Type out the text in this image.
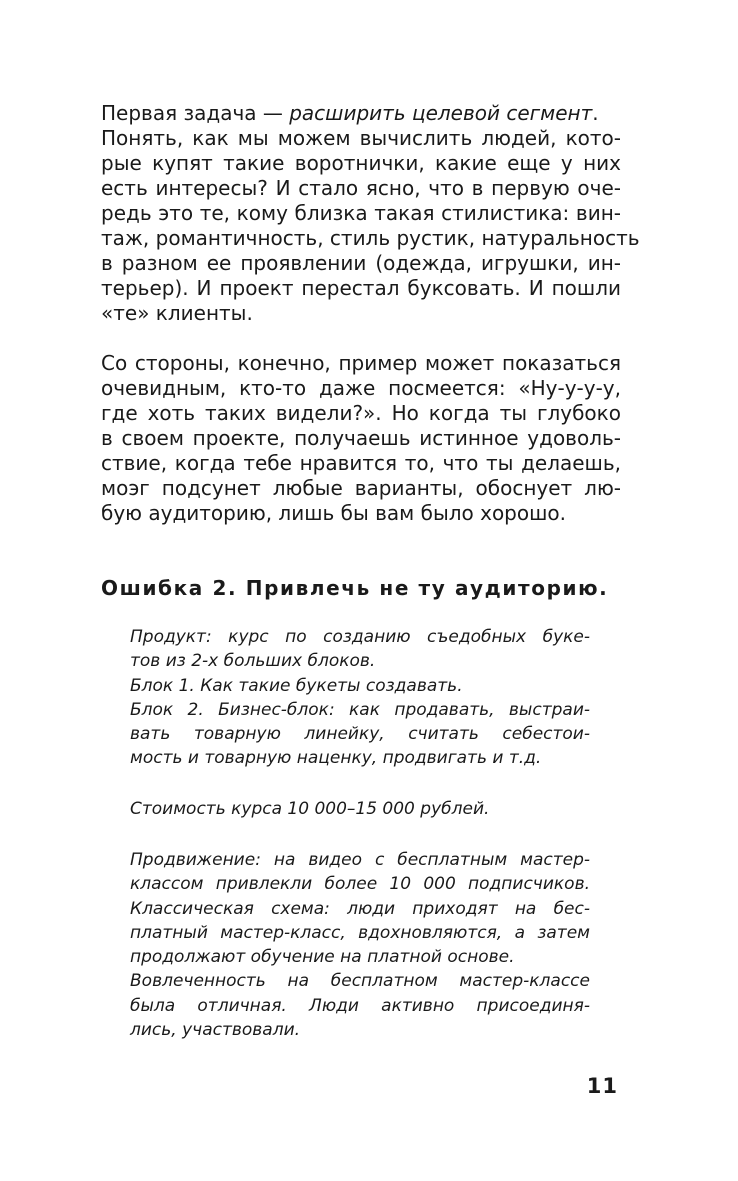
Первая задача — расширить целевой сегмент.
Понять, как мы можем вычислить людей, кото-
рые купят такие воротнички, какие еще у них
есть интересы? И стало ясно, что в первую оче-
редь это те, кому близка такая стилистика: вин-
таж, романтичность, стиль рустик, натуральность
в разном ее проявлении (одежда, игрушки, ин-
терьер). И проект перестал буксовать. И пошли
«те» клиенты.

Со стороны, конечно, пример может показаться
очевидным, кто-то даже посмеется: «Ну-у-у-у,
где хоть таких видели?». Но когда ты глубоко
в своем проекте, получаешь истинное удоволь-
ствие, когда тебе нравится то, что ты делаешь,
моэг подсунет любые варианты, обоснует лю-
бую аудиторию, лишь бы вам было хорошо.

Ошибка 2. Привлечь не ту аудиторию.

Продукт: курс по созданию съедобных буке-
тов из 2-х больших блоков.
Блок 1. Как такие букеты создавать.
Блок 2. Бизнес-блок: как продавать, выстраи-
вать товарную линейку, считать себестои-
мость и товарную наценку, продвигать и т.д.

Стоимость курса 10 000–15 000 рублей.

Продвижение: на видео с бесплатным мастер-
классом привлекли более 10 000 подписчиков.
Классическая схема: люди приходят на бес-
платный мастер-класс, вдохновляются, а затем
продолжают обучение на платной основе.
Вовлеченность на бесплатном мастер-классе
была отличная. Люди активно присоединя-
лись, участвовали.

11
